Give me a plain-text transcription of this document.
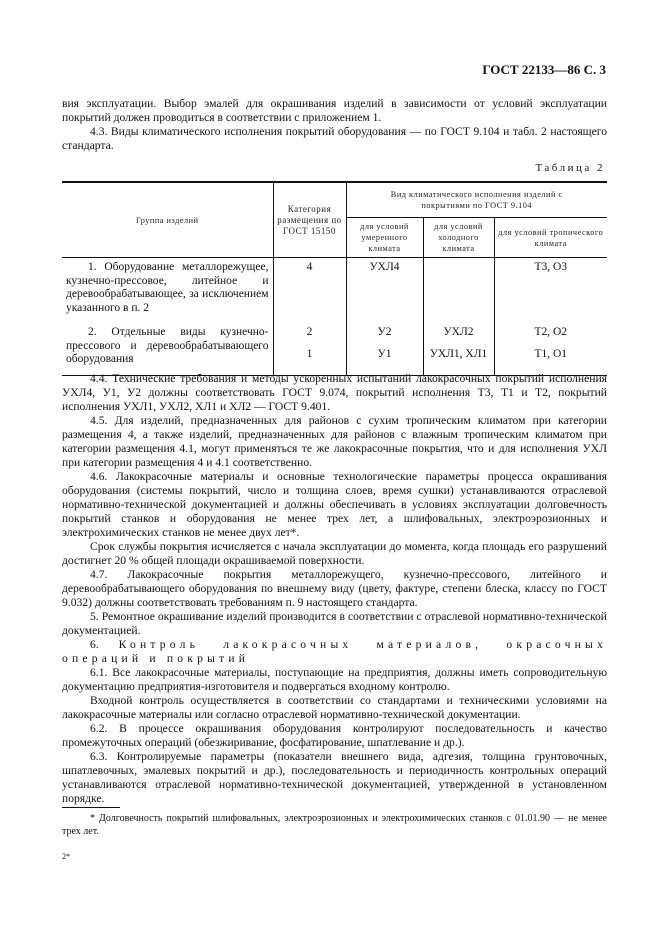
ГОСТ 22133—86 С. 3

вия эксплуатации. Выбор эмалей для окрашивания изделий в зависимости от условий эксплуатации покрытий должен проводиться в соответствии с приложением 1.

4.3. Виды климатического исполнения покрытий оборудования — по ГОСТ 9.104 и табл. 2 настоящего стандарта.

Таблица 2
Группа изделий	Категория размещения по ГОСТ 15150	Вид климатического исполнения изделий с покрытиями по ГОСТ 9.104		
		для условий умеренного климата	для условий холодного климата	для условий тропического климата

1. Оборудование металлорежущее, кузнечно-прессовое, литейное и деревообрабатывающее, за исключением указанного в п. 2	4	УХЛ4		Т3, О3

2. Отдельные виды кузнечно-прессового и деревообрабатывающего оборудования	2	У2	УХЛ2	Т2, О2
	1	У1	УХЛ1, ХЛ1	Т1, О1

4.4. Технические требования и методы ускоренных испытаний лакокрасочных покрытий исполнения УХЛ4, У1, У2 должны соответствовать ГОСТ 9.074, покрытий исполнения Т3, Т1 и Т2, покрытий исполнения УХЛ1, УХЛ2, ХЛ1 и ХЛ2 — ГОСТ 9.401.

4.5. Для изделий, предназначенных для районов с сухим тропическим климатом при категории размещения 4, а также изделий, предназначенных для районов с влажным тропическим климатом при категории размещения 4.1, могут применяться те же лакокрасочные покрытия, что и для исполнения УХЛ при категории размещения 4 и 4.1 соответственно.

4.6. Лакокрасочные материалы и основные технологические параметры процесса окрашивания оборудования (системы покрытий, число и толщина слоев, время сушки) устанавливаются отраслевой нормативно-технической документацией и должны обеспечивать в условиях эксплуатации долговечность покрытий станков и оборудования не менее трех лет, а шлифовальных, электроэрозионных и электрохимических станков не менее двух лет*.

Срок службы покрытия исчисляется с начала эксплуатации до момента, когда площадь его разрушений достигнет 20 % общей площади окрашиваемой поверхности.

4.7. Лакокрасочные покрытия металлорежущего, кузнечно-прессового, литейного и деревообрабатывающего оборудования по внешнему виду (цвету, фактуре, степени блеска, классу по ГОСТ 9.032) должны соответствовать требованиям п. 9 настоящего стандарта.

5. Ремонтное окрашивание изделий производится в соответствии с отраслевой нормативно-технической документацией.

6. Контроль лакокрасочных материалов, окрасочных операций и покрытий

6.1. Все лакокрасочные материалы, поступающие на предприятия, должны иметь сопроводительную документацию предприятия-изготовителя и подвергаться входному контролю.

Входной контроль осуществляется в соответствии со стандартами и техническими условиями на лакокрасочные материалы или согласно отраслевой нормативно-технической документации.

6.2. В процессе окрашивания оборудования контролируют последовательность и качество промежуточных операций (обезжиривание, фосфатирование, шпатлевание и др.).

6.3. Контролируемые параметры (показатели внешнего вида, адгезия, толщина грунтовочных, шпатлевочных, эмалевых покрытий и др.), последовательность и периодичность контрольных операций устанавливаются отраслевой нормативно-технической документацией, утвержденной в установленном порядке.

* Долговечность покрытий шлифовальных, электроэрозионных и электрохимических станков с 01.01.90 — не менее трех лет.
2*
